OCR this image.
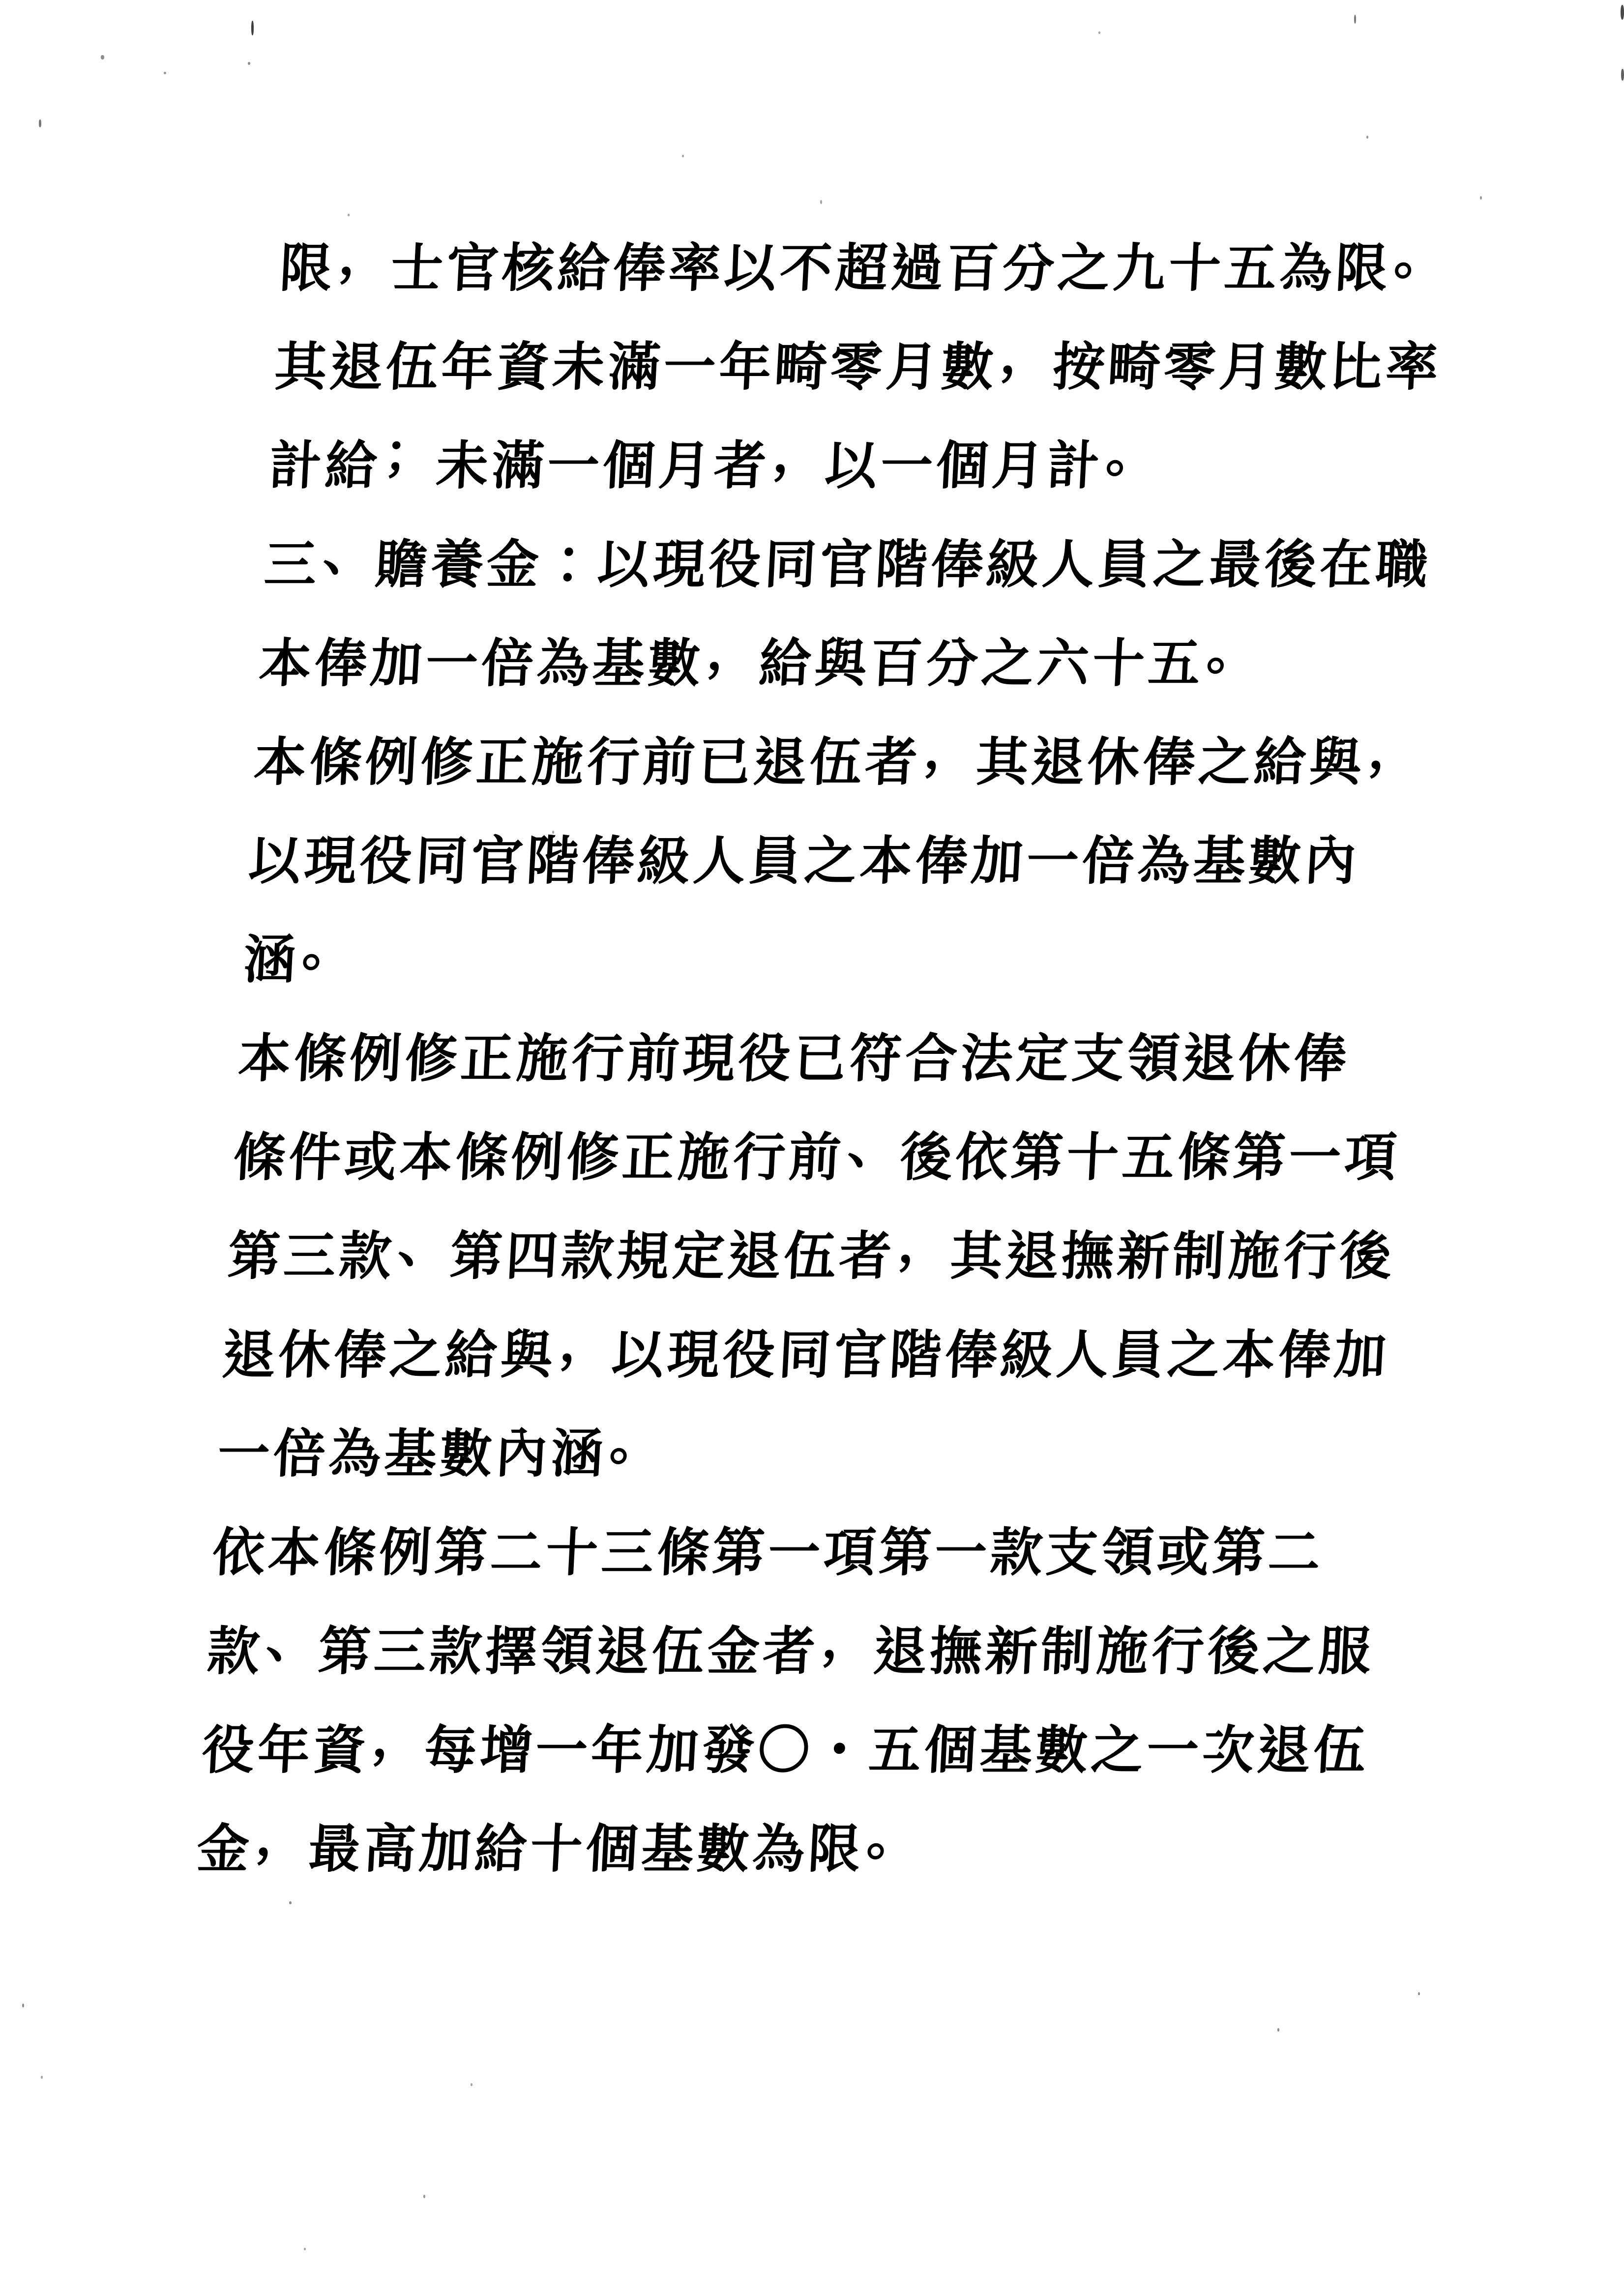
限，士官核給俸率以不超過百分之九十五為限。
其退伍年資未滿一年畸零月數，按畸零月數比率
計給；未滿一個月者，以一個月計。
三、贍養金：以現役同官階俸級人員之最後在職
本俸加一倍為基數，給與百分之六十五。
本條例修正施行前已退伍者，其退休俸之給與，
以現役同官階俸級人員之本俸加一倍為基數內
涵。
本條例修正施行前現役已符合法定支領退休俸
條件或本條例修正施行前、後依第十五條第一項
第三款、第四款規定退伍者，其退撫新制施行後
退休俸之給與，以現役同官階俸級人員之本俸加
一倍為基數內涵。
依本條例第二十三條第一項第一款支領或第二
款、第三款擇領退伍金者，退撫新制施行後之服
役年資，每增一年加發〇・五個基數之一次退伍
金，最高加給十個基數為限。
